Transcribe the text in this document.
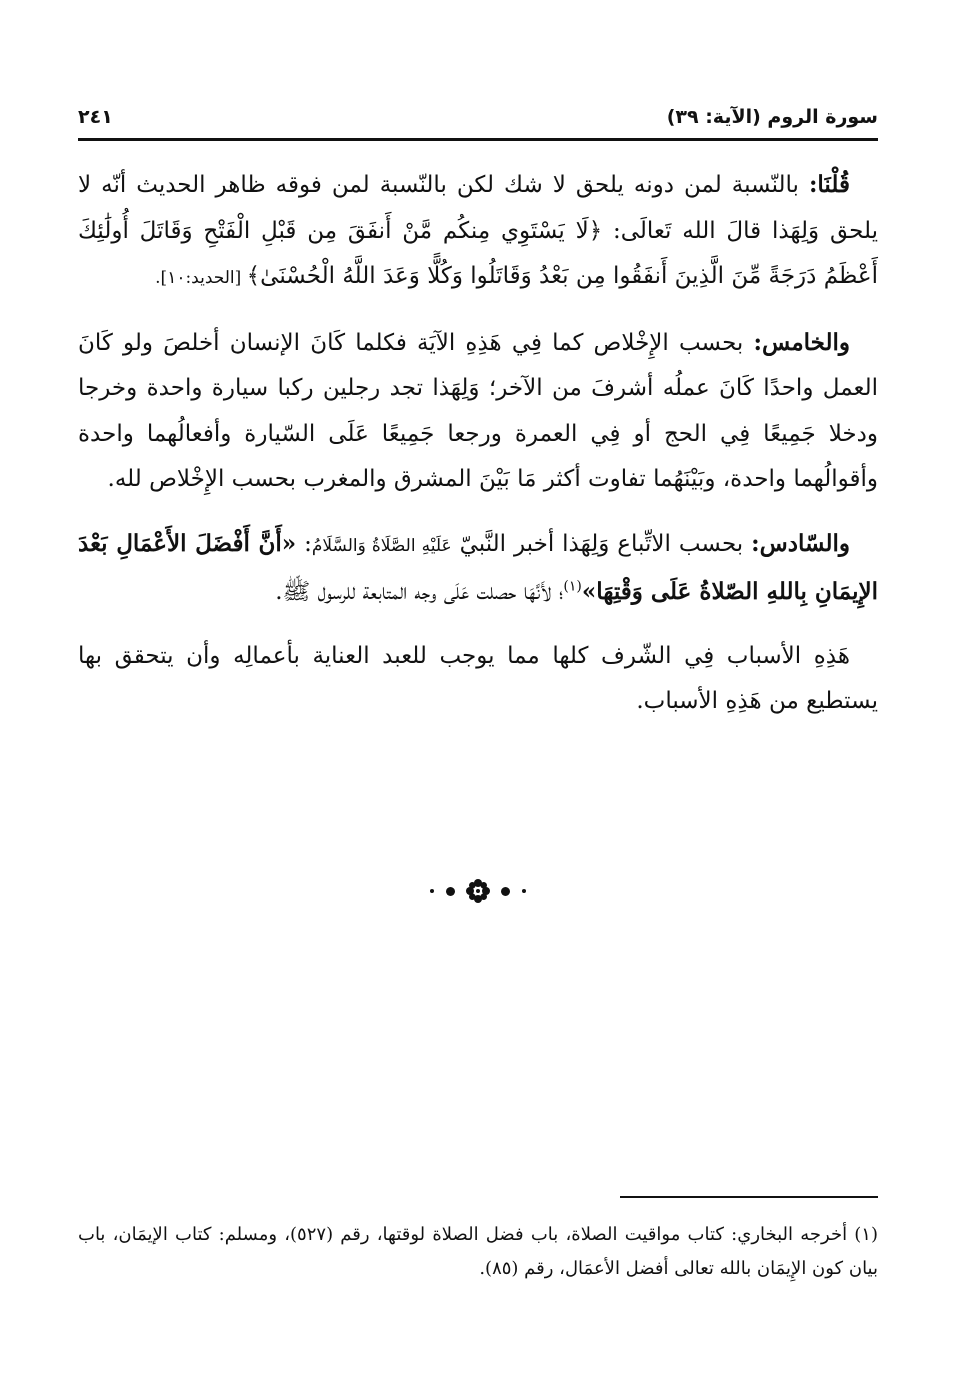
سورة الروم (الآية: ٣٩)
٢٤١

قُلْنَا: بالنّسبة لمن دونه يلحق لا شك لكن بالنّسبة لمن فوقه ظاهر الحديث أنّه لا يلحق وَلِهَذا قالَ الله تَعالَى: ﴿لَا يَسْتَوِي مِنكُم مَّنْ أَنفَقَ مِن قَبْلِ الْفَتْحِ وَقَاتَلَ أُولَٰئِكَ أَعْظَمُ دَرَجَةً مِّنَ الَّذِينَ أَنفَقُوا مِن بَعْدُ وَقَاتَلُوا وَكُلًّا وَعَدَ اللَّهُ الْحُسْنَىٰ﴾ [الحديد:١٠].

والخامس: بحسب الإِخْلاص كما فِي هَذِهِ الآيَة فكلما كَانَ الإنسان أخلصَ ولو كَانَ العمل واحدًا كَانَ عملُه أشرفَ من الآخر؛ وَلِهَذا تجد رجلين ركبا سيارة واحدة وخرجا ودخلا جَمِيعًا فِي الحج أو فِي العمرة ورجعا جَمِيعًا عَلَى السّيارة وأفعالُهما واحدة وأقوالُهما واحدة، وبَيْنَهُما تفاوت أكثر مَا بَيْنَ المشرق والمغرب بحسب الإِخْلاص لله.

والسّادس: بحسب الاتِّباع وَلِهَذا أخبر النَّبيّ عَلَيْهِ الصَّلَاةُ وَالسَّلَامُ: «أَنَّ أَفْضَلَ الأَعْمَالِ بَعْدَ الإِيمَانِ بِاللهِ الصّلاةُ عَلَى وَقْتِهَا»$^{(١)}$؛ لأَنَّهَا حصلت عَلَى وجه المتابعة للرسول ﷺ.

هَذِهِ الأسباب فِي الشّرف كلها مما يوجب للعبد العناية بأعمالِه وأن يتحقق بها يستطيع من هَذِهِ الأسباب.

(١) أخرجه البخاري: كتاب مواقيت الصلاة، باب فضل الصلاة لوقتها، رقم (٥٢٧)، ومسلم: كتاب الإيمَان، باب بيان كون الإِيمَان بالله تعالى أفضل الأعمَال، رقم (٨٥).
